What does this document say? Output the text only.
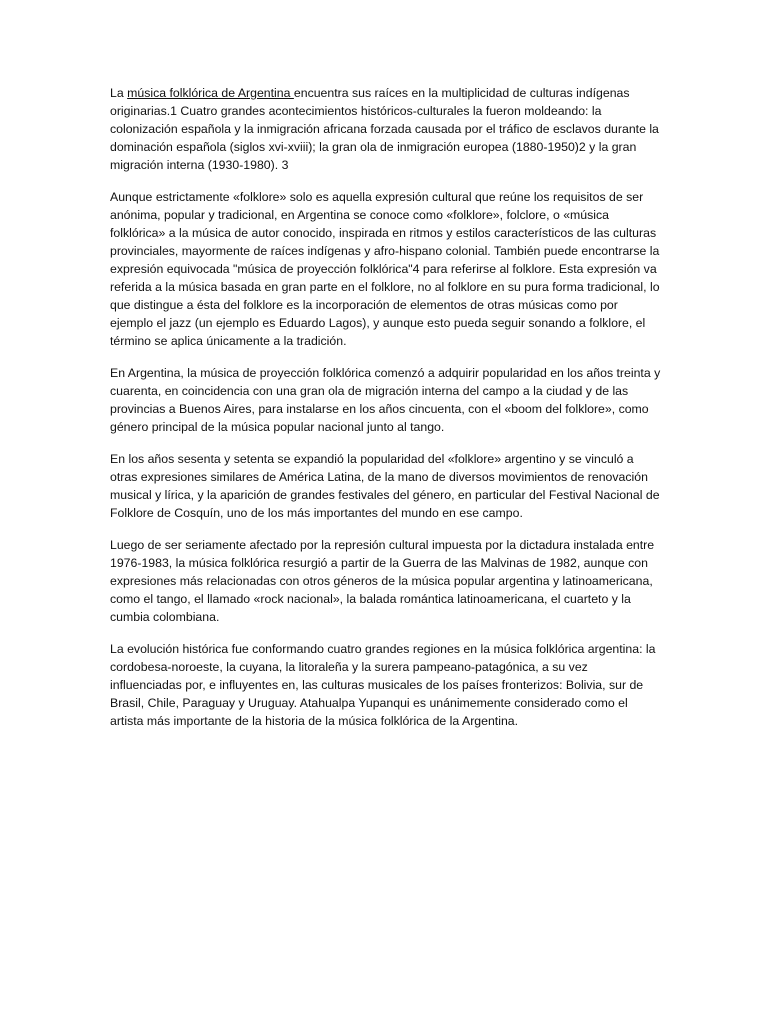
La música folklórica de Argentina encuentra sus raíces en la multiplicidad de culturas indígenas originarias.1 Cuatro grandes acontecimientos históricos-culturales la fueron moldeando: la colonización española y la inmigración africana forzada causada por el tráfico de esclavos durante la dominación española (siglos xvi-xviii); la gran ola de inmigración europea (1880-1950)2 y la gran migración interna (1930-1980). 3

Aunque estrictamente «folklore» solo es aquella expresión cultural que reúne los requisitos de ser anónima, popular y tradicional, en Argentina se conoce como «folklore», folclore, o «música folklórica» a la música de autor conocido, inspirada en ritmos y estilos característicos de las culturas provinciales, mayormente de raíces indígenas y afro-hispano colonial. También puede encontrarse la expresión equivocada "música de proyección folklórica"4 para referirse al folklore. Esta expresión va referida a la música basada en gran parte en el folklore, no al folklore en su pura forma tradicional, lo que distingue a ésta del folklore es la incorporación de elementos de otras músicas como por ejemplo el jazz (un ejemplo es Eduardo Lagos), y aunque esto pueda seguir sonando a folklore, el término se aplica únicamente a la tradición.

En Argentina, la música de proyección folklórica comenzó a adquirir popularidad en los años treinta y cuarenta, en coincidencia con una gran ola de migración interna del campo a la ciudad y de las provincias a Buenos Aires, para instalarse en los años cincuenta, con el «boom del folklore», como género principal de la música popular nacional junto al tango.

En los años sesenta y setenta se expandió la popularidad del «folklore» argentino y se vinculó a otras expresiones similares de América Latina, de la mano de diversos movimientos de renovación musical y lírica, y la aparición de grandes festivales del género, en particular del Festival Nacional de Folklore de Cosquín, uno de los más importantes del mundo en ese campo.

Luego de ser seriamente afectado por la represión cultural impuesta por la dictadura instalada entre 1976-1983, la música folklórica resurgió a partir de la Guerra de las Malvinas de 1982, aunque con expresiones más relacionadas con otros géneros de la música popular argentina y latinoamericana, como el tango, el llamado «rock nacional», la balada romántica latinoamericana, el cuarteto y la cumbia colombiana.

La evolución histórica fue conformando cuatro grandes regiones en la música folklórica argentina: la cordobesa-noroeste, la cuyana, la litoraleña y la surera pampeano-patagónica, a su vez influenciadas por, e influyentes en, las culturas musicales de los países fronterizos: Bolivia, sur de Brasil, Chile, Paraguay y Uruguay. Atahualpa Yupanqui es unánimemente considerado como el artista más importante de la historia de la música folklórica de la Argentina.
